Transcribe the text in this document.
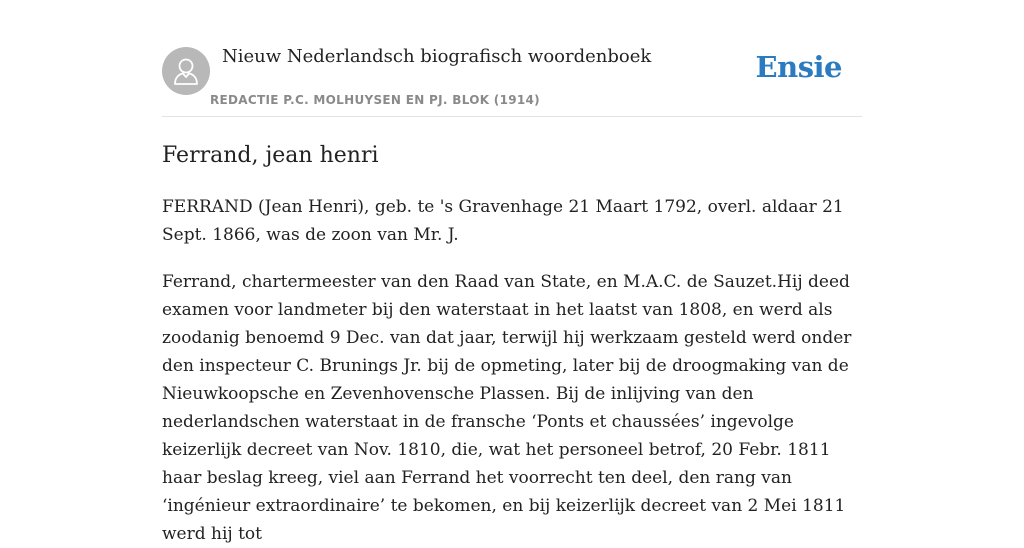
Nieuw Nederlandsch biografisch woordenboek
REDACTIE P.C. MOLHUYSEN EN PJ. BLOK (1914)
Ensie
Ferrand, jean henri

FERRAND (Jean Henri), geb. te 's Gravenhage 21 Maart 1792, overl. aldaar 21 Sept. 1866, was de zoon van Mr. J.

Ferrand, chartermeester van den Raad van State, en M.A.C. de Sauzet.Hij deed examen voor landmeter bij den waterstaat in het laatst van 1808, en werd als zoodanig benoemd 9 Dec. van dat jaar, terwijl hij werkzaam gesteld werd onder den inspecteur C. Brunings Jr. bij de opmeting, later bij de droogmaking van de Nieuwkoopsche en Zevenhovensche Plassen. Bij de inlijving van den nederlandschen waterstaat in de fransche ‘Ponts et chaussées’ ingevolge keizerlijk decreet van Nov. 1810, die, wat het personeel betrof, 20 Febr. 1811 haar beslag kreeg, viel aan Ferrand het voorrecht ten deel, den rang van ‘ingénieur extraordinaire’ te bekomen, en bij keizerlijk decreet van 2 Mei 1811 werd hij tot
